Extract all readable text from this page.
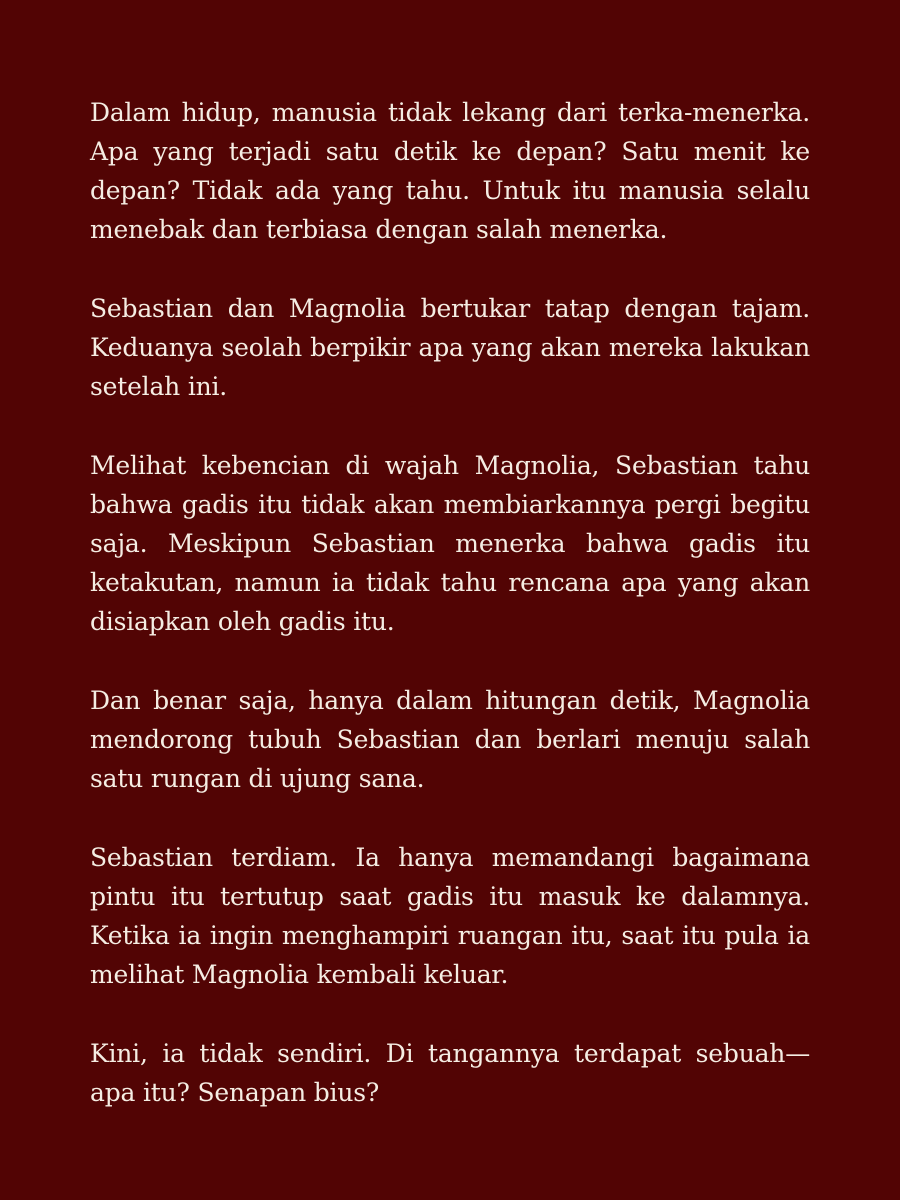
Dalam hidup, manusia tidak lekang dari terka-menerka. Apa yang terjadi satu detik ke depan? Satu menit ke depan? Tidak ada yang tahu. Untuk itu manusia selalu menebak dan terbiasa dengan salah menerka.

Sebastian dan Magnolia bertukar tatap dengan tajam. Keduanya seolah berpikir apa yang akan mereka lakukan setelah ini.

Melihat kebencian di wajah Magnolia, Sebastian tahu bahwa gadis itu tidak akan membiarkannya pergi begitu saja. Meskipun Sebastian menerka bahwa gadis itu ketakutan, namun ia tidak tahu rencana apa yang akan disiapkan oleh gadis itu.

Dan benar saja, hanya dalam hitungan detik, Magnolia mendorong tubuh Sebastian dan berlari menuju salah satu rungan di ujung sana.

Sebastian terdiam. Ia hanya memandangi bagaimana pintu itu tertutup saat gadis itu masuk ke dalamnya. Ketika ia ingin menghampiri ruangan itu, saat itu pula ia melihat Magnolia kembali keluar.

Kini, ia tidak sendiri. Di tangannya terdapat sebuah— apa itu? Senapan bius?
